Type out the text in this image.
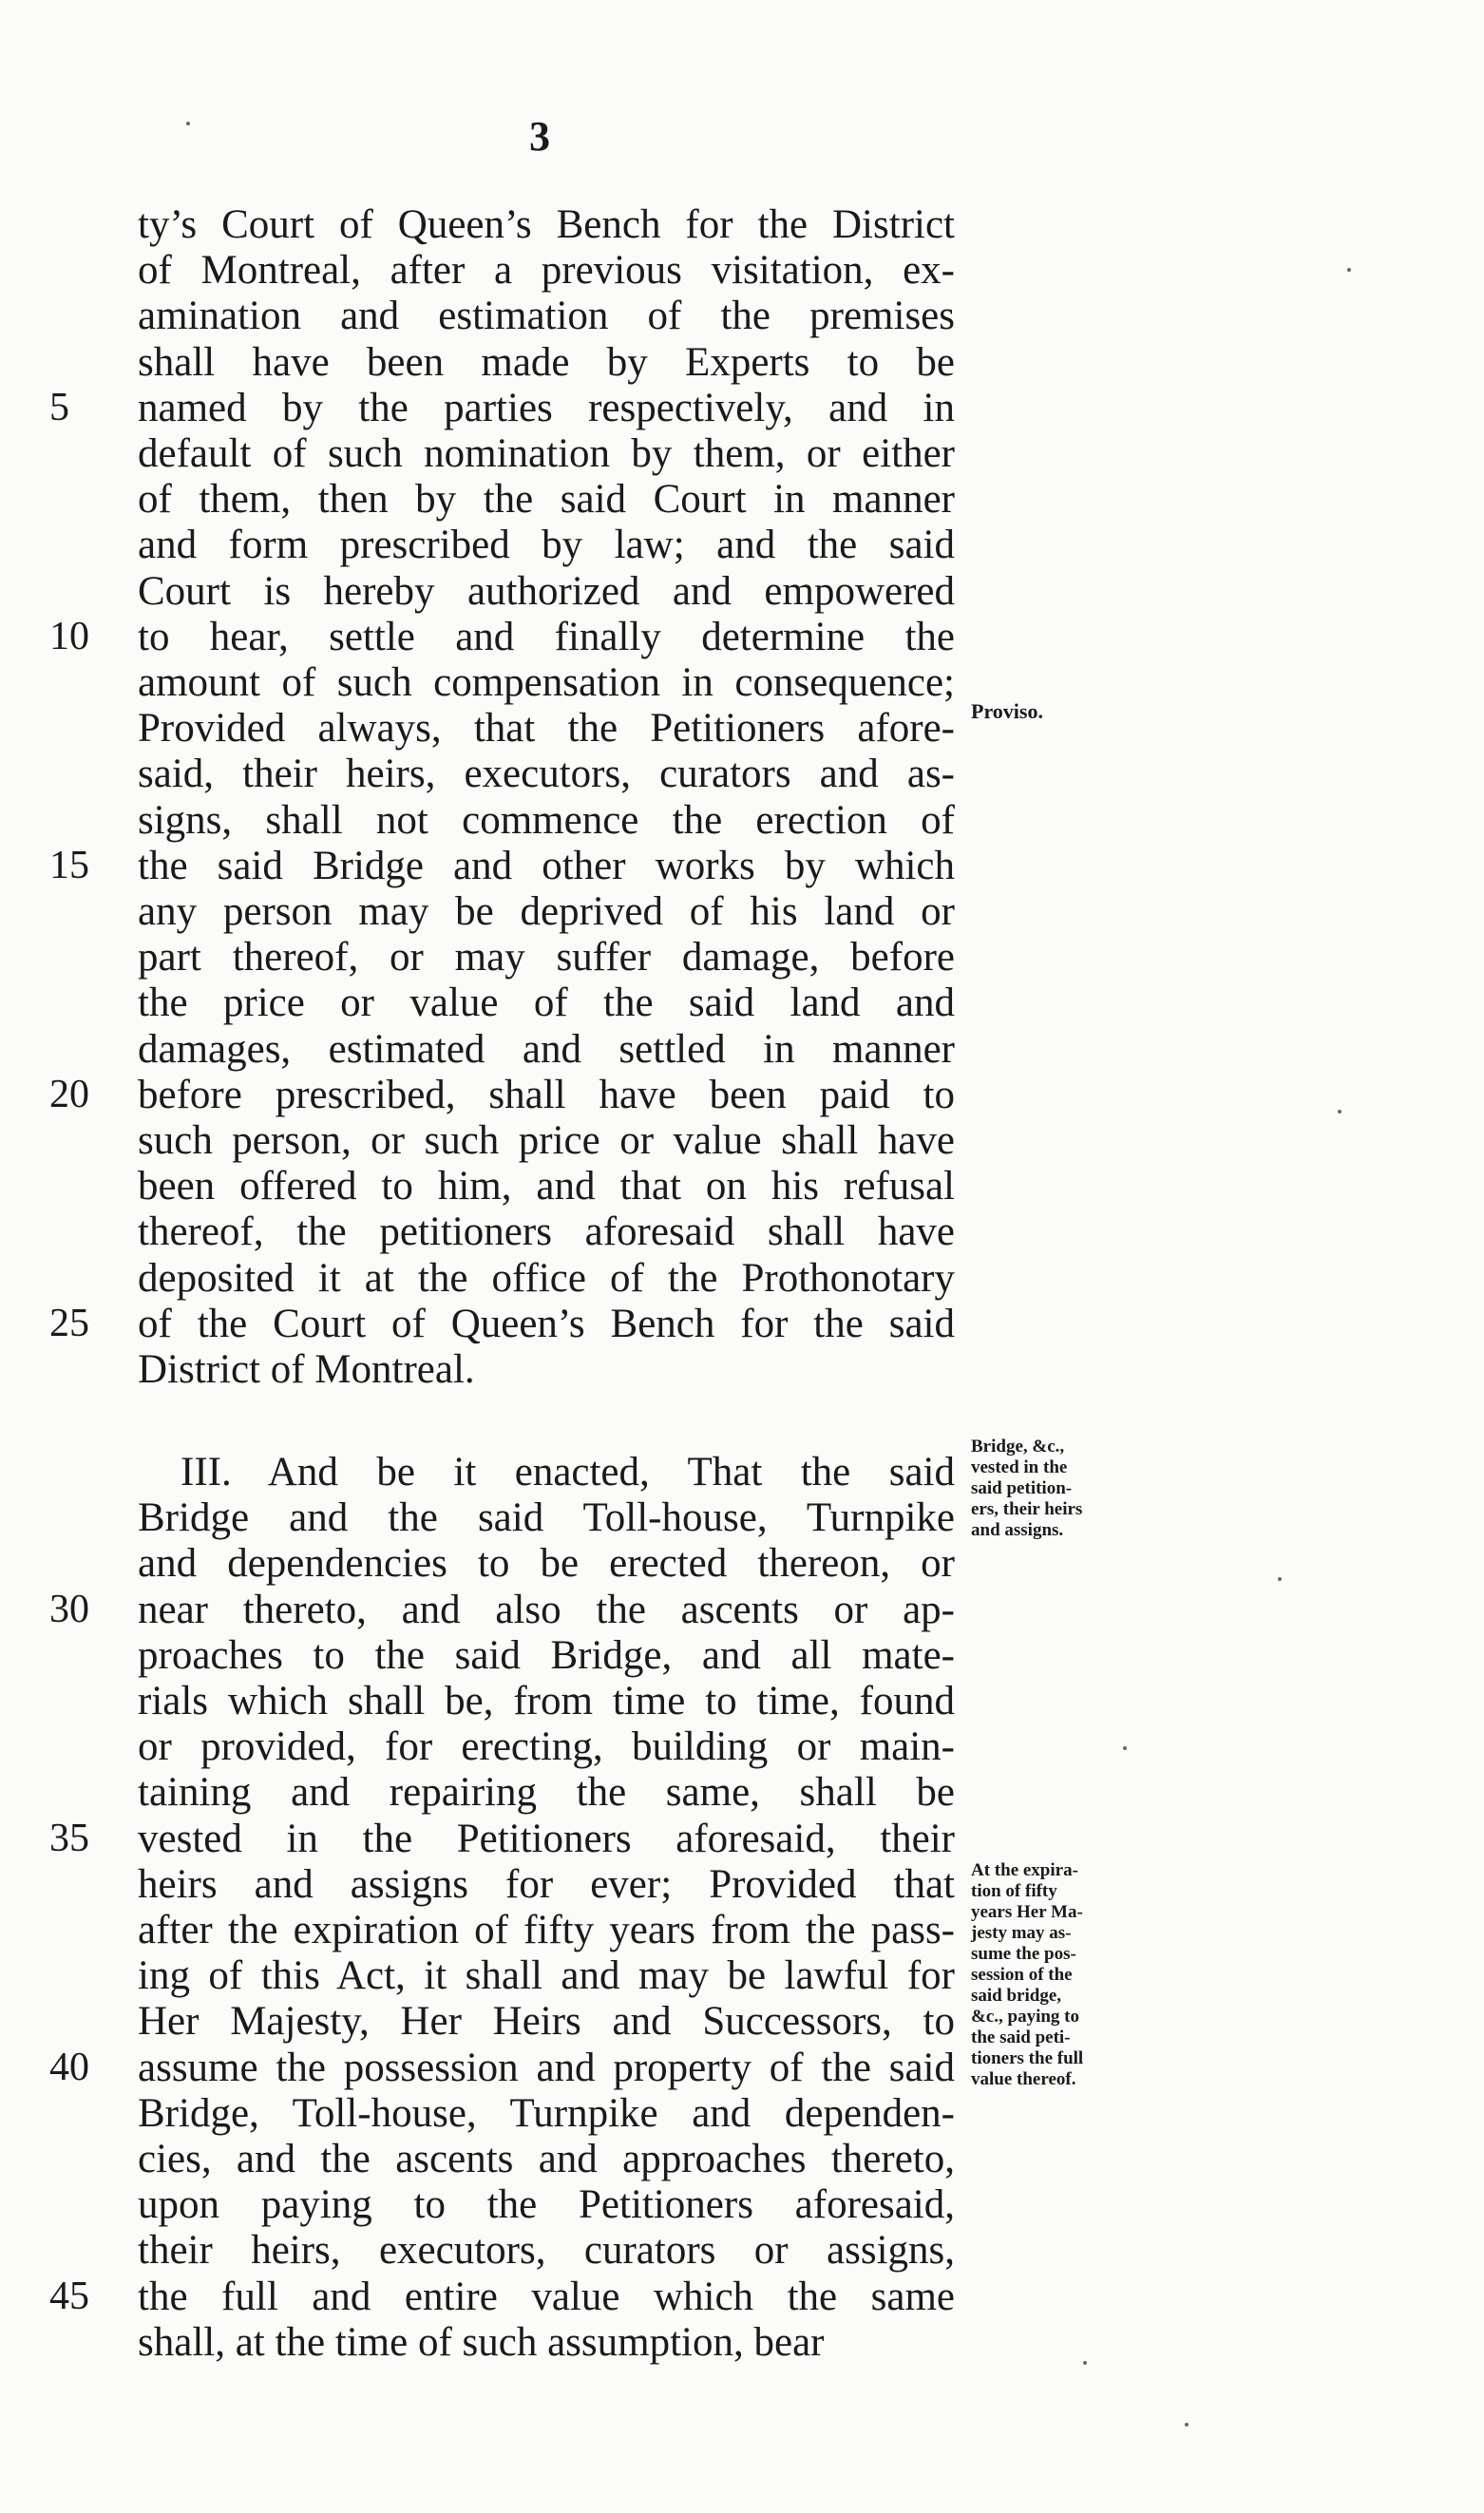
3
ty’s Court of Queen’s Bench for the District
of Montreal, after a previous visitation, ex-
amination and estimation of the premises
shall have been made by Experts to be
named by the parties respectively, and in
default of such nomination by them, or either
of them, then by the said Court in manner
and form prescribed by law; and the said
Court is hereby authorized and empowered
to hear, settle and finally determine the
amount of such compensation in consequence;
Provided always, that the Petitioners afore-
said, their heirs, executors, curators and as-
signs, shall not commence the erection of
the said Bridge and other works by which
any person may be deprived of his land or
part thereof, or may suffer damage, before
the price or value of the said land and
damages, estimated and settled in manner
before prescribed, shall have been paid to
such person, or such price or value shall have
been offered to him, and that on his refusal
thereof, the petitioners aforesaid shall have
deposited it at the office of the Prothonotary
of the Court of Queen’s Bench for the said
District of Montreal.
III. And be it enacted, That the said
Bridge and the said Toll-house, Turnpike
and dependencies to be erected thereon, or
near thereto, and also the ascents or ap-
proaches to the said Bridge, and all mate-
rials which shall be, from time to time, found
or provided, for erecting, building or main-
taining and repairing the same, shall be
vested in the Petitioners aforesaid, their
heirs and assigns for ever; Provided that
after the expiration of fifty years from the pass-
ing of this Act, it shall and may be lawful for
Her Majesty, Her Heirs and Successors, to
assume the possession and property of the said
Bridge, Toll-house, Turnpike and dependen-
cies, and the ascents and approaches thereto,
upon paying to the Petitioners aforesaid,
their heirs, executors, curators or assigns,
the full and entire value which the same
shall, at the time of such assumption, bear
5
10
15
20
25
30
35
40
45
Proviso.
Bridge, &c.,
vested in the
said petition-
ers, their heirs
and assigns.
At the expira-
tion of fifty
years Her Ma-
jesty may as-
sume the pos-
session of the
said bridge,
&c., paying to
the said peti-
tioners the full
value thereof.
